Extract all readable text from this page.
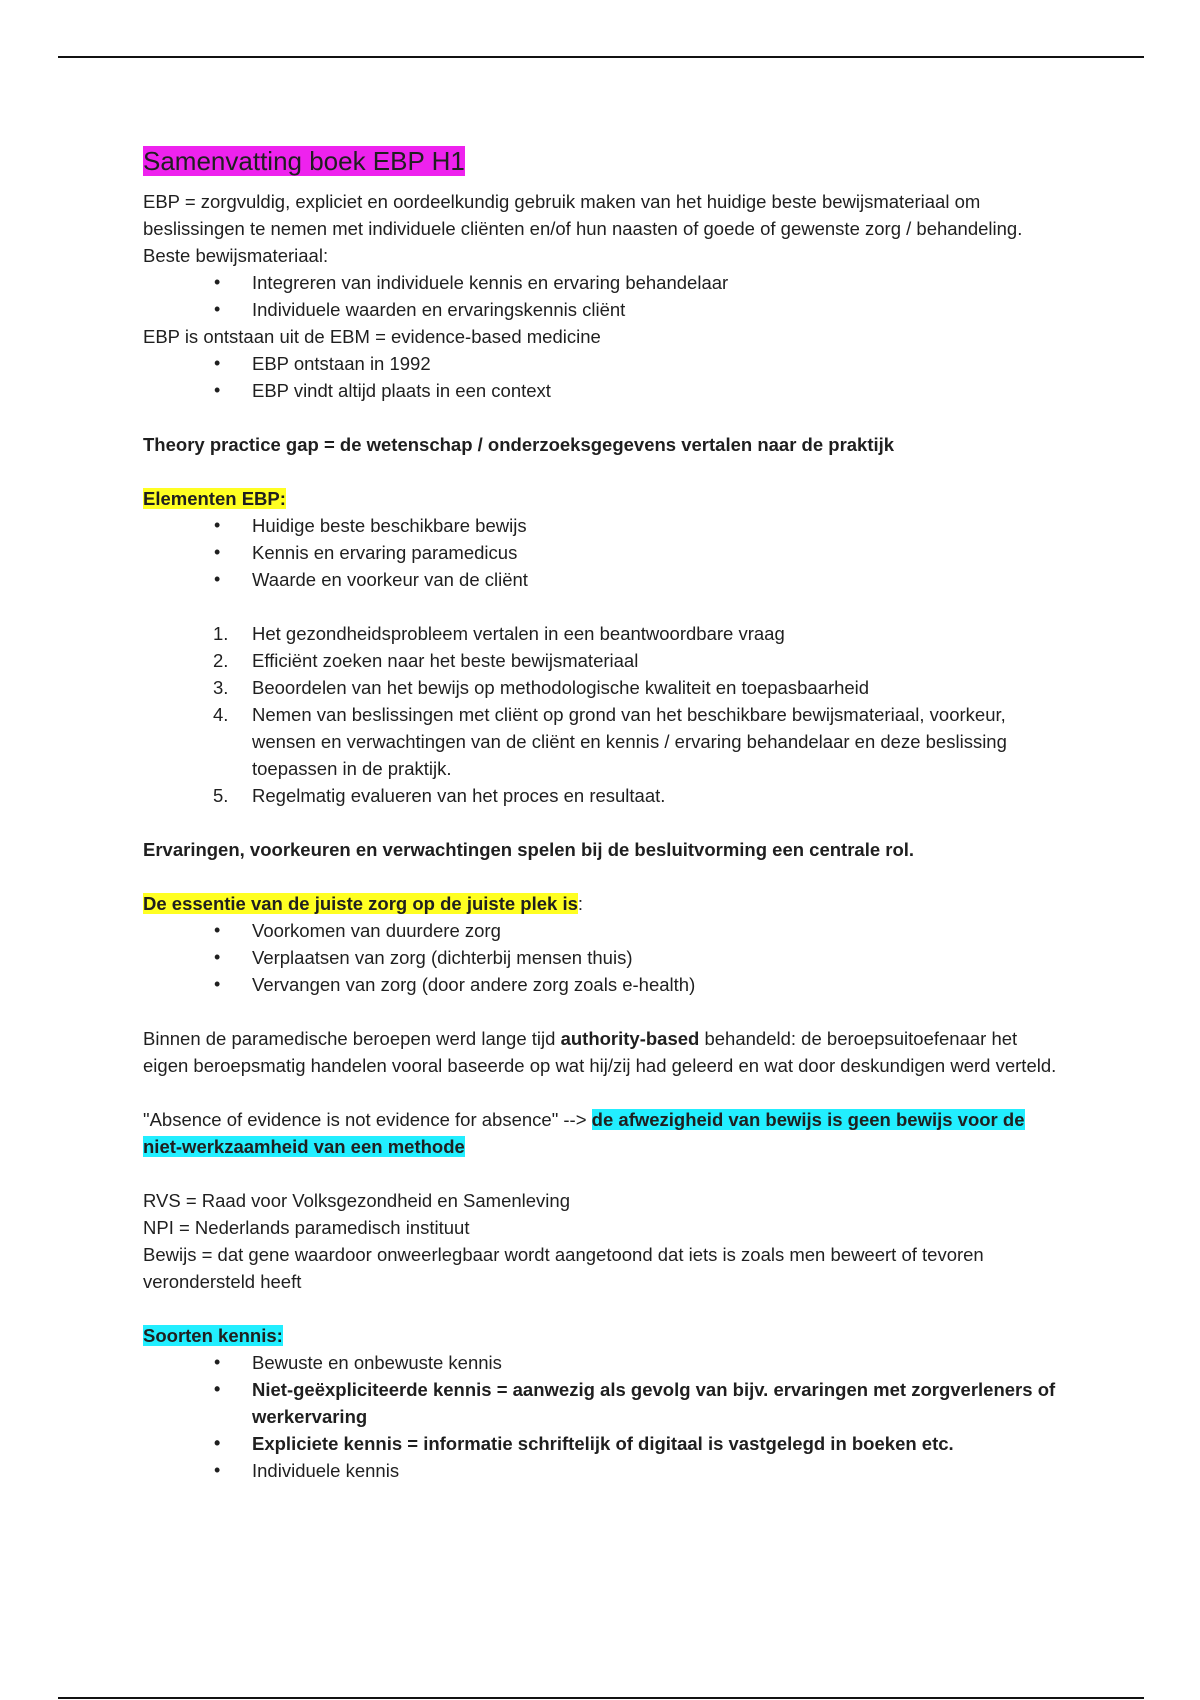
Samenvatting boek EBP H1

EBP = zorgvuldig, expliciet en oordeelkundig gebruik maken van het huidige beste bewijsmateriaal om beslissingen te nemen met individuele cliënten en/of hun naasten of goede of gewenste zorg / behandeling. Beste bewijsmateriaal:

• Integreren van individuele kennis en ervaring behandelaar
• Individuele waarden en ervaringskennis cliënt

EBP is ontstaan uit de EBM = evidence-based medicine

• EBP ontstaan in 1992
• EBP vindt altijd plaats in een context

Theory practice gap = de wetenschap / onderzoeksgegevens vertalen naar de praktijk

Elementen EBP:

• Huidige beste beschikbare bewijs
• Kennis en ervaring paramedicus
• Waarde en voorkeur van de cliënt
1.	Het gezondheidsprobleem vertalen in een beantwoordbare vraag
2.	Efficiënt zoeken naar het beste bewijsmateriaal
3.	Beoordelen van het bewijs op methodologische kwaliteit en toepasbaarheid
4.	Nemen van beslissingen met cliënt op grond van het beschikbare bewijsmateriaal, voorkeur, wensen en verwachtingen van de cliënt en kennis / ervaring behandelaar en deze beslissing toepassen in de praktijk.
5.	Regelmatig evalueren van het proces en resultaat.

Ervaringen, voorkeuren en verwachtingen spelen bij de besluitvorming een centrale rol.

De essentie van de juiste zorg op de juiste plek is:

• Voorkomen van duurdere zorg
• Verplaatsen van zorg (dichterbij mensen thuis)
• Vervangen van zorg (door andere zorg zoals e-health)

Binnen de paramedische beroepen werd lange tijd authority-based behandeld: de beroepsuitoefenaar het eigen beroepsmatig handelen vooral baseerde op wat hij/zij had geleerd en wat door deskundigen werd verteld.

"Absence of evidence is not evidence for absence" --> de afwezigheid van bewijs is geen bewijs voor de niet-werkzaamheid van een methode

RVS = Raad voor Volksgezondheid en Samenleving

NPI = Nederlands paramedisch instituut

Bewijs = dat gene waardoor onweerlegbaar wordt aangetoond dat iets is zoals men beweert of tevoren verondersteld heeft

Soorten kennis:

• Bewuste en onbewuste kennis
• Niet-geëxpliciteerde kennis = aanwezig als gevolg van bijv. ervaringen met zorgverleners of werkervaring
• Expliciete kennis = informatie schriftelijk of digitaal is vastgelegd in boeken etc.
• Individuele kennis
